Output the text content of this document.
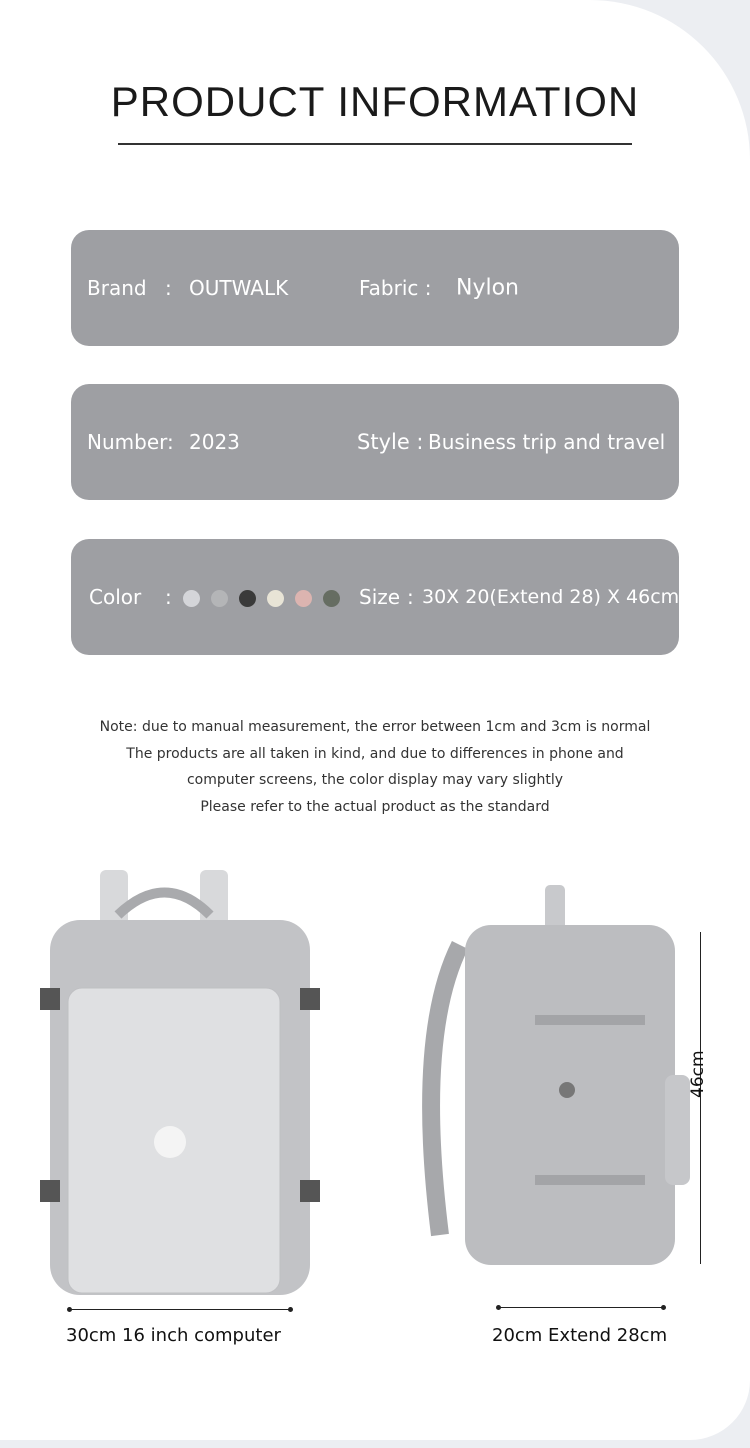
PRODUCT INFORMATION
Brand : OUTWALK	Fabric : Nylon
Number: 2023	Style : Business trip and travel
Color :	Size : 30X 20(Extend 28) X 46cm
Note: due to manual measurement, the error between 1cm and 3cm is normal
The products are all taken in kind, and due to differences in phone and
computer screens, the color display may vary slightly
Please refer to the actual product as the standard
30cm 16 inch computer	20cm Extend 28cm
46cm
